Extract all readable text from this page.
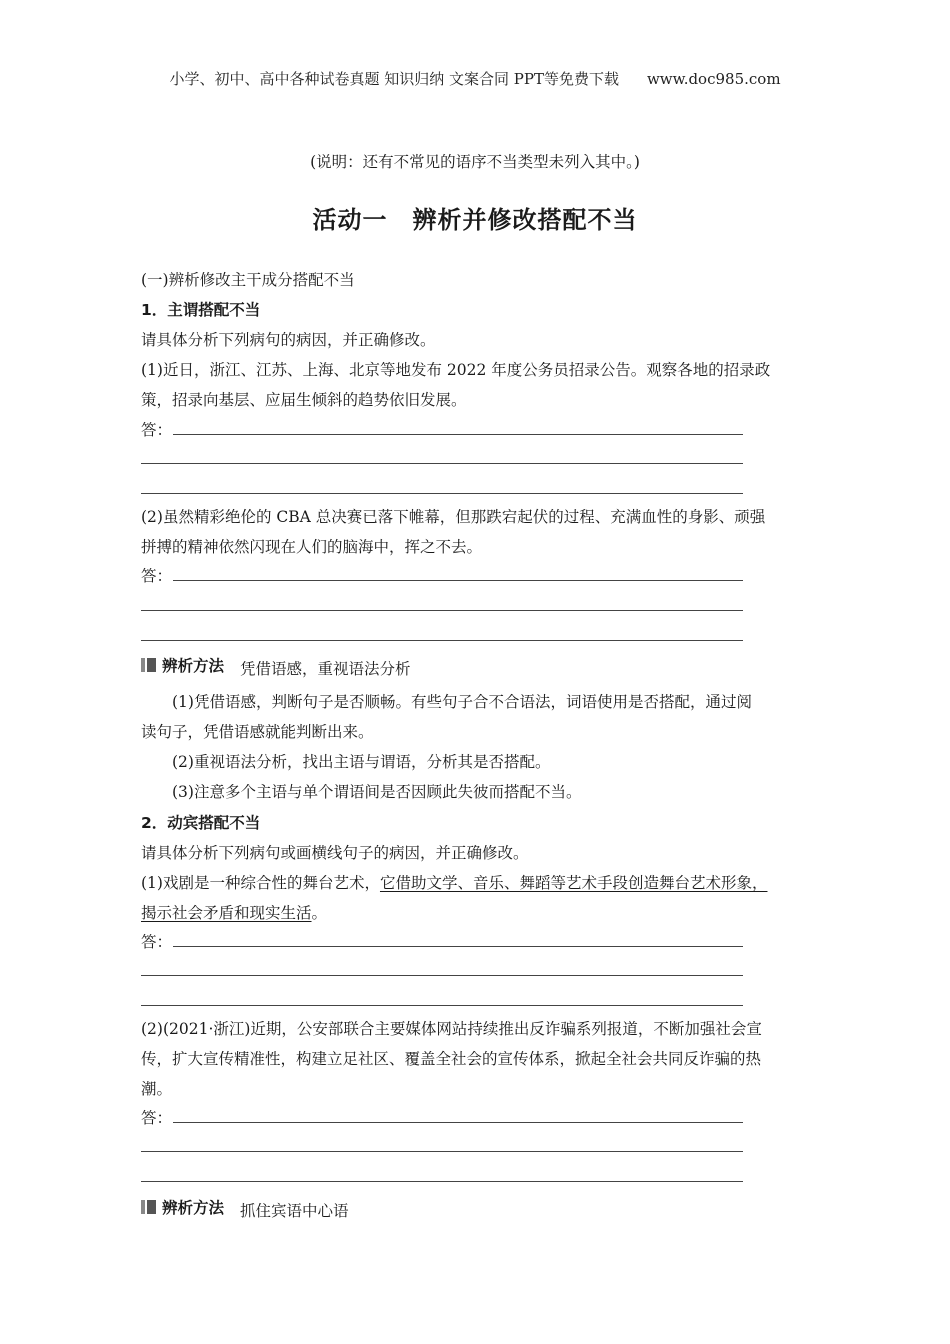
小学、初中、高中各种试卷真题 知识归纳 文案合同 PPT等免费下载 www.doc985.com
(说明：还有不常见的语序不当类型未列入其中。)
活动一　辨析并修改搭配不当
(一)辨析修改主干成分搭配不当
1．主谓搭配不当
请具体分析下列病句的病因，并正确修改。
(1)近日，浙江、江苏、上海、北京等地发布 2022 年度公务员招录公告。观察各地的招录政
策，招录向基层、应届生倾斜的趋势依旧发展。
答：
(2)虽然精彩绝伦的 CBA 总决赛已落下帷幕，但那跌宕起伏的过程、充满血性的身影、顽强
拼搏的精神依然闪现在人们的脑海中，挥之不去。
答：
辨析方法 凭借语感，重视语法分析
(1)凭借语感，判断句子是否顺畅。有些句子合不合语法，词语使用是否搭配，通过阅
读句子，凭借语感就能判断出来。
(2)重视语法分析，找出主语与谓语，分析其是否搭配。
(3)注意多个主语与单个谓语间是否因顾此失彼而搭配不当。
2．动宾搭配不当
请具体分析下列病句或画横线句子的病因，并正确修改。
(1)戏剧是一种综合性的舞台艺术，它借助文学、音乐、舞蹈等艺术手段创造舞台艺术形象，
揭示社会矛盾和现实生活。
答：
(2)(2021·浙江)近期，公安部联合主要媒体网站持续推出反诈骗系列报道，不断加强社会宣
传，扩大宣传精准性，构建立足社区、覆盖全社会的宣传体系，掀起全社会共同反诈骗的热
潮。
答：
辨析方法 抓住宾语中心语
